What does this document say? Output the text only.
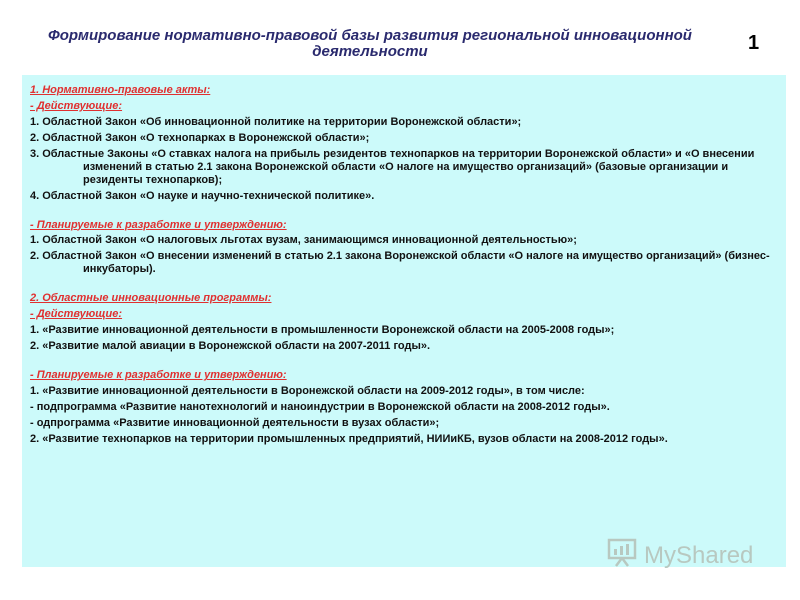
Формирование нормативно-правовой базы развития региональной инновационной деятельности	1

1. Нормативно-правовые акты:

- Действующие:

1. Областной Закон «Об инновационной политике на территории Воронежской области»;

2. Областной Закон «О технопарках в Воронежской области»;

3. Областные Законы «О ставках налога на прибыль резидентов технопарков на территории Воронежской области» и «О внесении изменений в статью 2.1 закона Воронежской области «О налоге на имущество организаций» (базовые организации и резиденты технопарков);

4. Областной Закон «О науке и научно-технической политике».

- Планируемые к разработке и утверждению:

1. Областной Закон «О налоговых льготах вузам, занимающимся инновационной деятельностью»;

2. Областной Закон «О внесении изменений в статью 2.1 закона Воронежской области «О налоге на имущество организаций» (бизнес-инкубаторы).

2. Областные инновационные программы:

- Действующие:

1. «Развитие инновационной деятельности в промышленности Воронежской области на 2005-2008 годы»;

2. «Развитие малой авиации в Воронежской области на 2007-2011 годы».

- Планируемые к разработке и утверждению:

1. «Развитие инновационной деятельности в Воронежской области на 2009-2012 годы», в том числе:

- подпрограмма «Развитие нанотехнологий и наноиндустрии в Воронежской области на 2008-2012 годы».

- одпрограмма «Развитие инновационной деятельности в вузах области»;

2. «Развитие технопарков на территории промышленных предприятий, НИИиКБ, вузов области на 2008-2012 годы».

MyShared
